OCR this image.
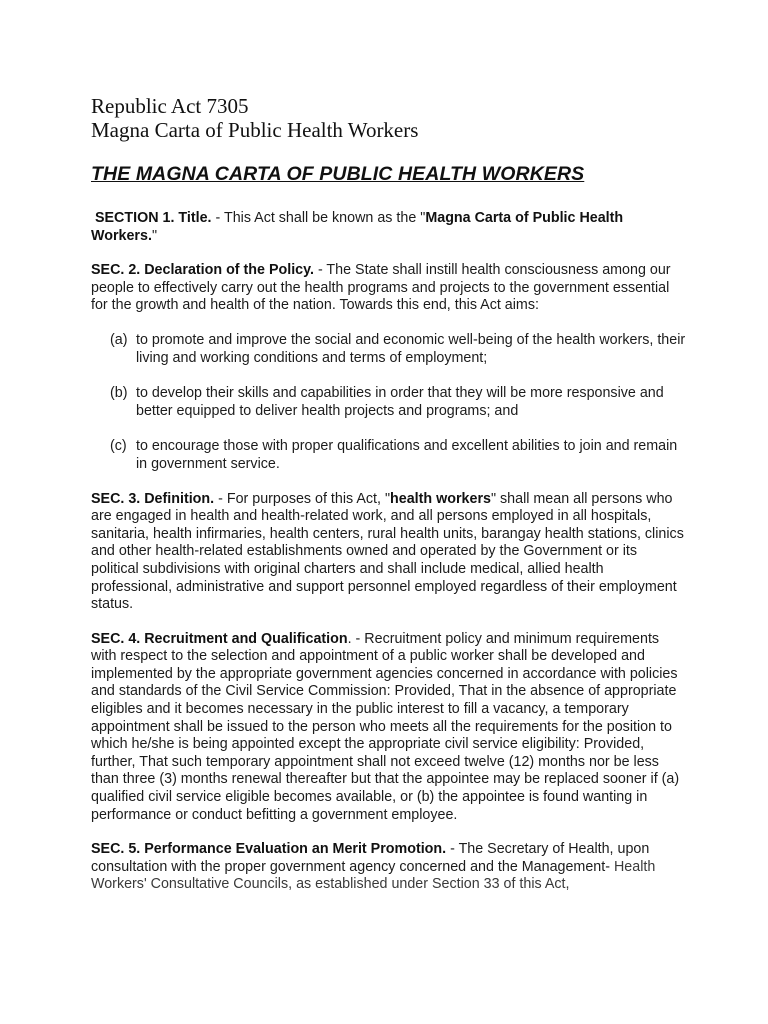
Republic Act 7305
Magna Carta of Public Health Workers
THE MAGNA CARTA OF PUBLIC HEALTH WORKERS

SECTION 1. Title. - This Act shall be known as the "Magna Carta of Public Health Workers."

SEC. 2. Declaration of the Policy. - The State shall instill health consciousness among our people to effectively carry out the health programs and projects to the government essential for the growth and health of the nation. Towards this end, this Act aims:

(a) to promote and improve the social and economic well-being of the health workers, their living and working conditions and terms of employment;
(b) to develop their skills and capabilities in order that they will be more responsive and better equipped to deliver health projects and programs; and
(c) to encourage those with proper qualifications and excellent abilities to join and remain in government service.

SEC. 3. Definition. - For purposes of this Act, "health workers" shall mean all persons who are engaged in health and health-related work, and all persons employed in all hospitals, sanitaria, health infirmaries, health centers, rural health units, barangay health stations, clinics and other health-related establishments owned and operated by the Government or its political subdivisions with original charters and shall include medical, allied health professional, administrative and support personnel employed regardless of their employment status.

SEC. 4. Recruitment and Qualification. - Recruitment policy and minimum requirements with respect to the selection and appointment of a public worker shall be developed and implemented by the appropriate government agencies concerned in accordance with policies and standards of the Civil Service Commission: Provided, That in the absence of appropriate eligibles and it becomes necessary in the public interest to fill a vacancy, a temporary appointment shall be issued to the person who meets all the requirements for the position to which he/she is being appointed except the appropriate civil service eligibility: Provided, further, That such temporary appointment shall not exceed twelve (12) months nor be less than three (3) months renewal thereafter but that the appointee may be replaced sooner if (a) qualified civil service eligible becomes available, or (b) the appointee is found wanting in performance or conduct befitting a government employee.

SEC. 5. Performance Evaluation an Merit Promotion. - The Secretary of Health, upon consultation with the proper government agency concerned and the Management- Health Workers' Consultative Councils, as established under Section 33 of this Act,
